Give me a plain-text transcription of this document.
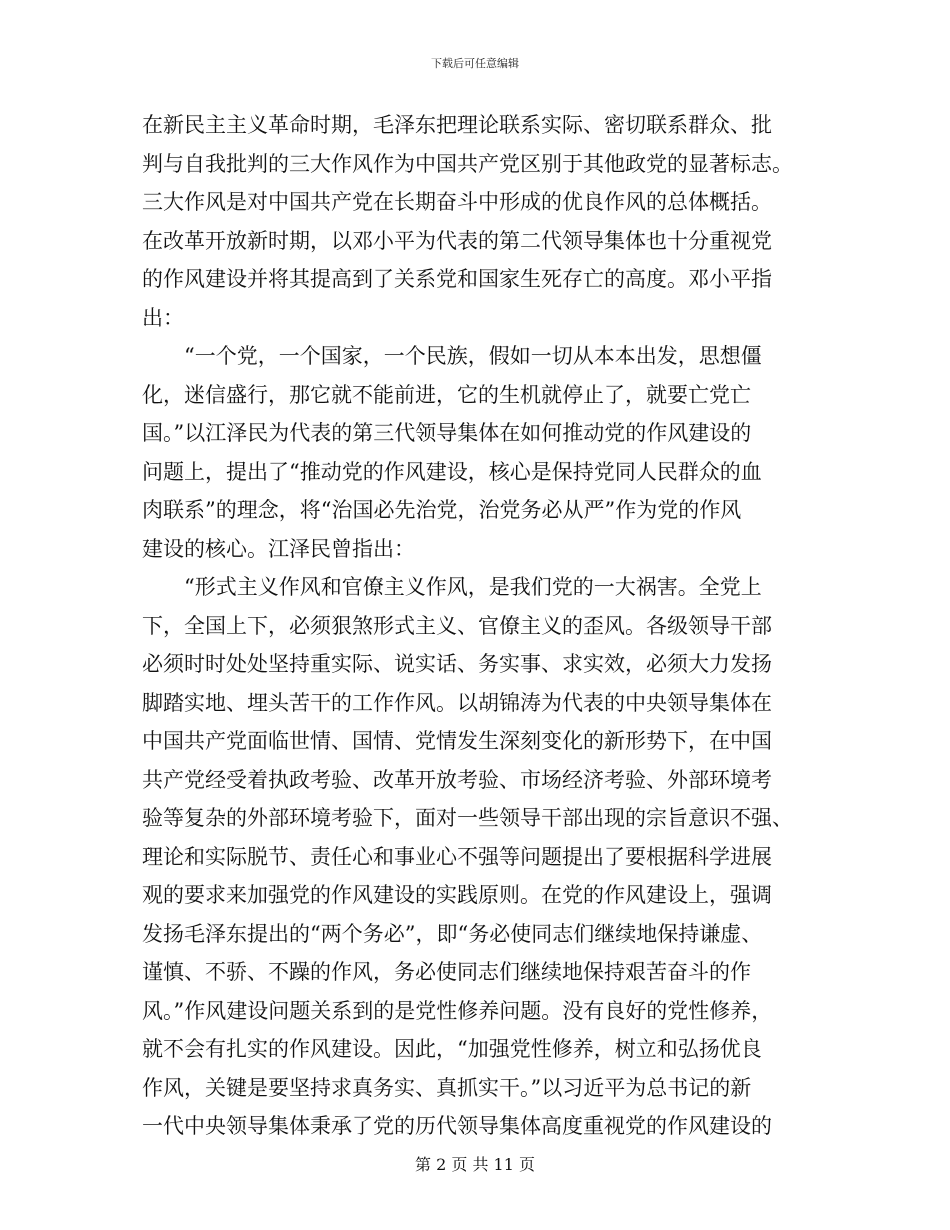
下载后可任意编辑
在新民主主义革命时期，毛泽东把理论联系实际、密切联系群众、批
判与自我批判的三大作风作为中国共产党区别于其他政党的显著标志。
三大作风是对中国共产党在长期奋斗中形成的优良作风的总体概括。
在改革开放新时期，以邓小平为代表的第二代领导集体也十分重视党
的作风建设并将其提高到了关系党和国家生死存亡的高度。邓小平指
出：
“一个党，一个国家，一个民族，假如一切从本本出发，思想僵
化，迷信盛行，那它就不能前进，它的生机就停止了，就要亡党亡
国。”以江泽民为代表的第三代领导集体在如何推动党的作风建设的
问题上，提出了“推动党的作风建设，核心是保持党同人民群众的血
肉联系”的理念，将“治国必先治党，治党务必从严”作为党的作风
建设的核心。江泽民曾指出：
“形式主义作风和官僚主义作风，是我们党的一大祸害。全党上
下，全国上下，必须狠煞形式主义、官僚主义的歪风。各级领导干部
必须时时处处坚持重实际、说实话、务实事、求实效，必须大力发扬
脚踏实地、埋头苦干的工作作风。以胡锦涛为代表的中央领导集体在
中国共产党面临世情、国情、党情发生深刻变化的新形势下，在中国
共产党经受着执政考验、改革开放考验、市场经济考验、外部环境考
验等复杂的外部环境考验下，面对一些领导干部出现的宗旨意识不强、
理论和实际脱节、责任心和事业心不强等问题提出了要根据科学进展
观的要求来加强党的作风建设的实践原则。在党的作风建设上，强调
发扬毛泽东提出的“两个务必”，即“务必使同志们继续地保持谦虚、
谨慎、不骄、不躁的作风，务必使同志们继续地保持艰苦奋斗的作
风。”作风建设问题关系到的是党性修养问题。没有良好的党性修养，
就不会有扎实的作风建设。因此，“加强党性修养，树立和弘扬优良
作风，关键是要坚持求真务实、真抓实干。”以习近平为总书记的新
一代中央领导集体秉承了党的历代领导集体高度重视党的作风建设的
第 2 页 共 11 页
